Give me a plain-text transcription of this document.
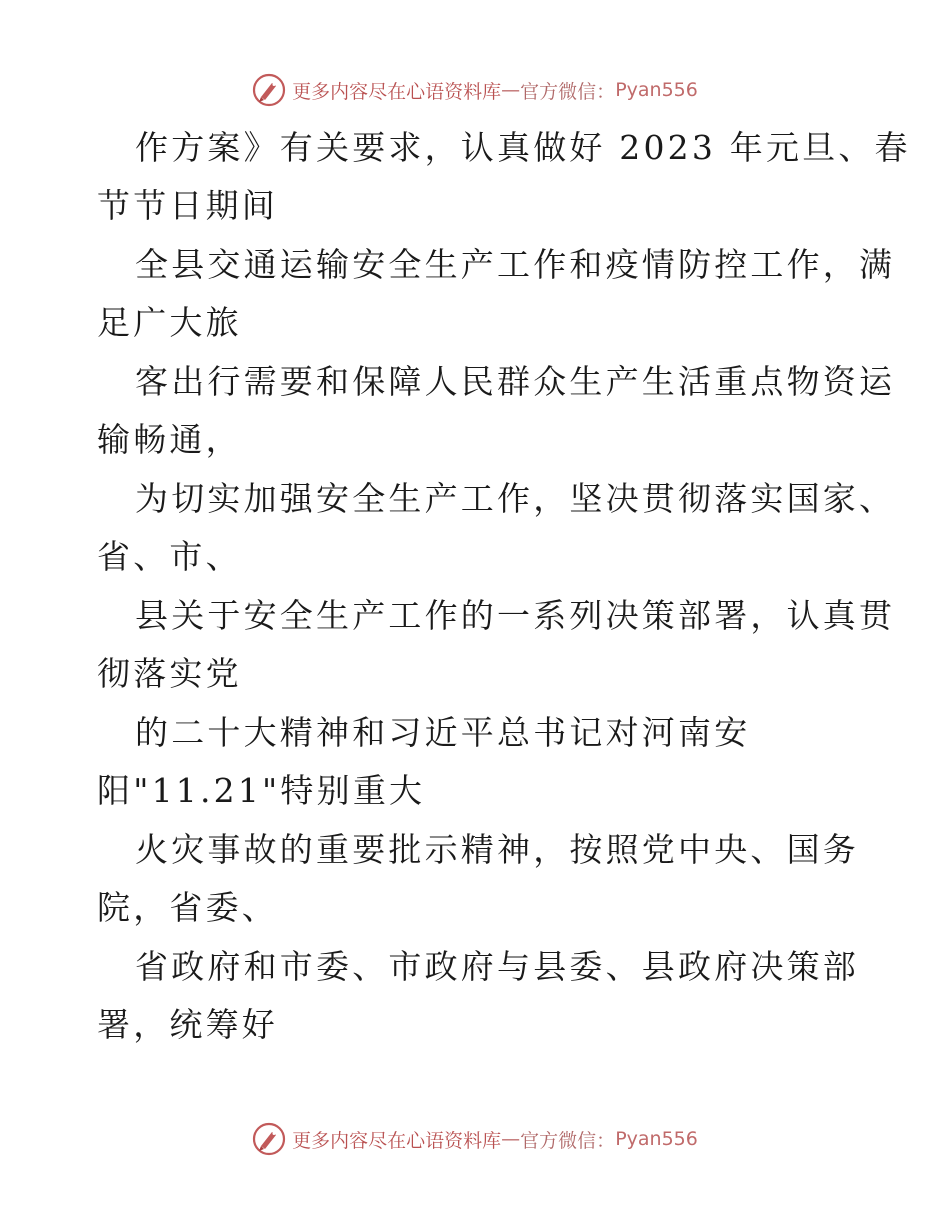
更多内容尽在心语资料库 — 官方微信： Pyan556
作方案》有关要求，认真做好 2023 年元旦、春
节节日期间
全县交通运输安全生产工作和疫情防控工作，满
足广大旅
客出行需要和保障人民群众生产生活重点物资运
输畅通，
为切实加强安全生产工作，坚决贯彻落实国家、
省、市、
县关于安全生产工作的一系列决策部署，认真贯
彻落实党
的二十大精神和习近平总书记对河南安
阳"11.21"特别重大
火灾事故的重要批示精神，按照党中央、国务
院，省委、
省政府和市委、市政府与县委、县政府决策部
署，统筹好
更多内容尽在心语资料库 — 官方微信： Pyan556
